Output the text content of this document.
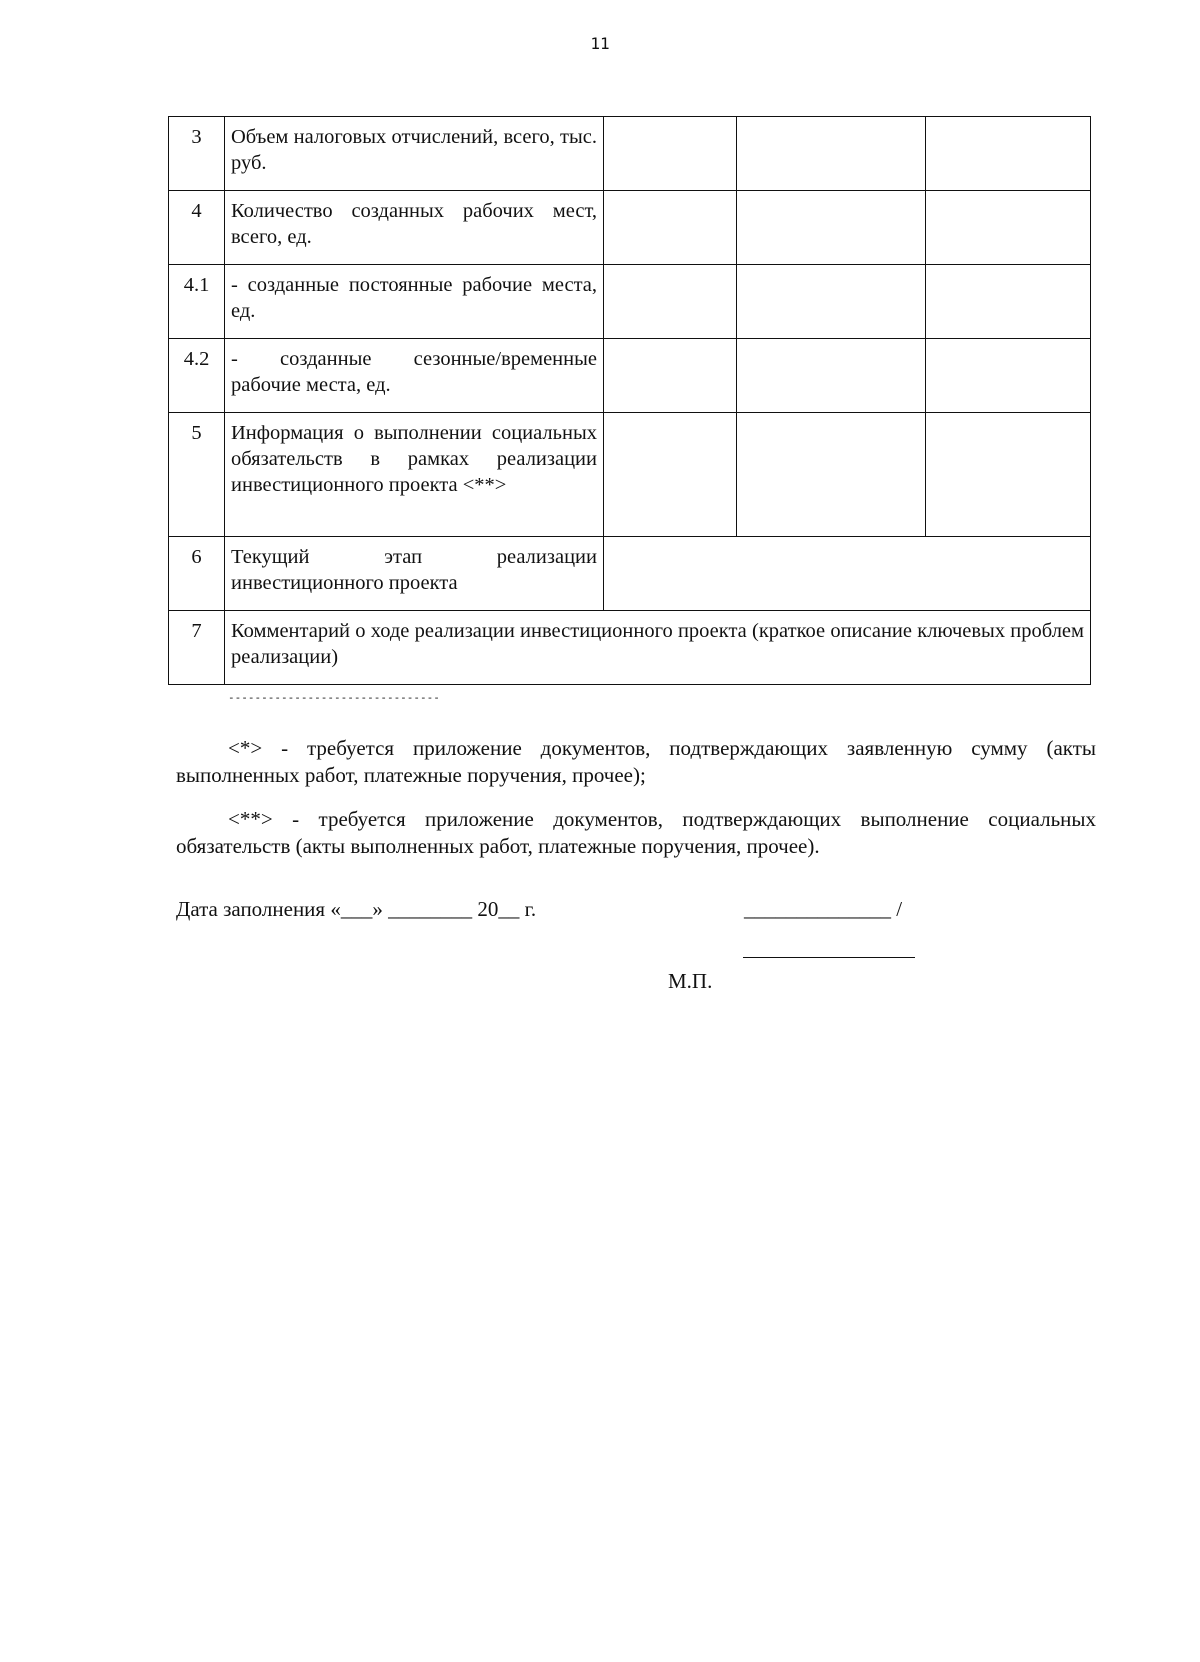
11
3	Объем налоговых отчислений, всего, тыс. руб.			
4	Количество созданных рабочих мест, всего, ед.			
4.1	- созданные постоянные рабочие места, ед.			
4.2	- созданные сезонные/временные рабочие места, ед.			
5	Информация о выполнении социальных обязательств в рамках реализации инвестиционного проекта <**>			
6	Текущий этап реализации инвестиционного проекта			
7	Комментарий о ходе реализации инвестиционного проекта (краткое описание ключевых проблем реализации)			
--------------------------------
<*> - требуется приложение документов, подтверждающих заявленную сумму (акты выполненных работ, платежные поручения, прочее);
<**> - требуется приложение документов, подтверждающих выполнение социальных обязательств (акты выполненных работ, платежные поручения, прочее).
Дата заполнения «___» ________ 20__ г.	______________ /
М.П.
